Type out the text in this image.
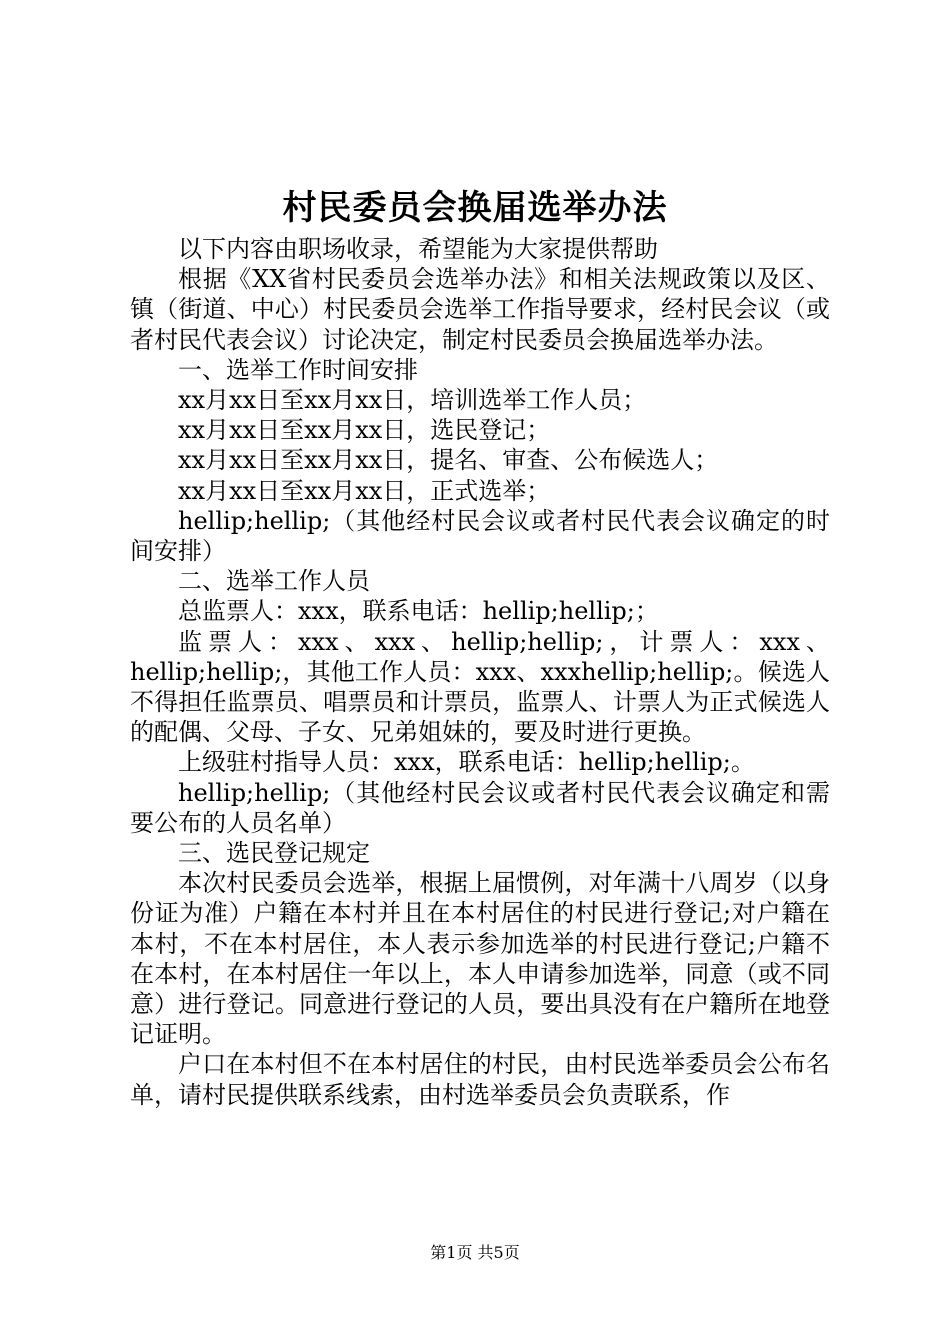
村民委员会换届选举办法

以下内容由职场收录，希望能为大家提供帮助

根据《XX省村民委员会选举办法》和相关法规政策以及区、镇（街道、中心）村民委员会选举工作指导要求，经村民会议（或者村民代表会议）讨论决定，制定村民委员会换届选举办法。

一、选举工作时间安排

xx月xx日至xx月xx日，培训选举工作人员；

xx月xx日至xx月xx日，选民登记；

xx月xx日至xx月xx日，提名、审查、公布候选人；

xx月xx日至xx月xx日，正式选举；

hellip;hellip;（其他经村民会议或者村民代表会议确定的时间安排）

二、选举工作人员

总监票人：xxx，联系电话：hellip;hellip;；

监票人：xxx、xxx、hellip;hellip;，计票人：xxx、hellip;hellip;，其他工作人员：xxx、xxxhellip;hellip;。候选人不得担任监票员、唱票员和计票员，监票人、计票人为正式候选人的配偶、父母、子女、兄弟姐妹的，要及时进行更换。

上级驻村指导人员：xxx，联系电话：hellip;hellip;。

hellip;hellip;（其他经村民会议或者村民代表会议确定和需要公布的人员名单）

三、选民登记规定

本次村民委员会选举，根据上届惯例，对年满十八周岁（以身份证为准）户籍在本村并且在本村居住的村民进行登记;对户籍在本村，不在本村居住，本人表示参加选举的村民进行登记;户籍不在本村，在本村居住一年以上，本人申请参加选举，同意（或不同意）进行登记。同意进行登记的人员，要出具没有在户籍所在地登记证明。

户口在本村但不在本村居住的村民，由村民选举委员会公布名单，请村民提供联系线索，由村选举委员会负责联系，作

第1页 共5页
